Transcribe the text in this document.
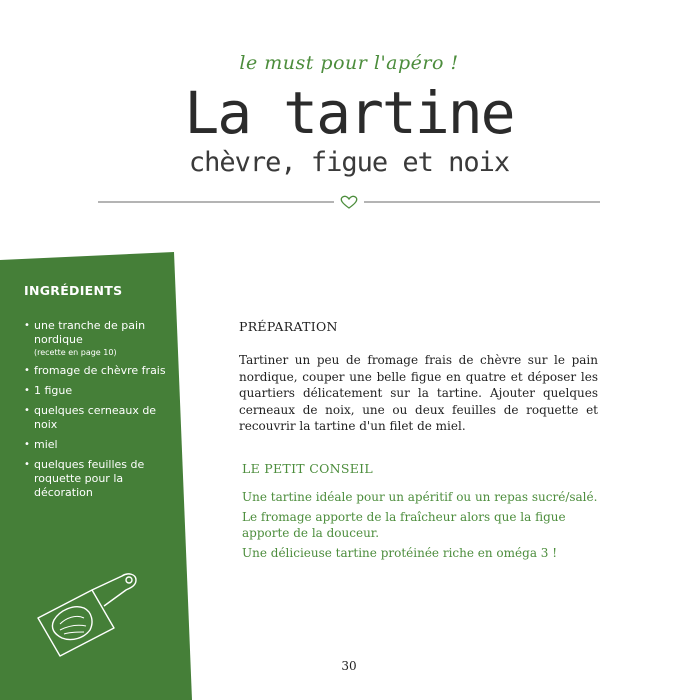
le must pour l'apéro !
La tartine
chèvre, figue et noix
INGRÉDIENTS
• une tranche de pain nordique
(recette en page 10)
• fromage de chèvre frais
• 1 figue
• quelques cerneaux de noix
• miel
• quelques feuilles de roquette pour la décoration
PRÉPARATION

Tartiner un peu de fromage frais de chèvre sur le pain nordique, couper une belle figue en quatre et déposer les quartiers délicatement sur la tartine. Ajouter quelques cerneaux de noix, une ou deux feuilles de roquette et recouvrir la tartine d'un filet de miel.

LE PETIT CONSEIL
Une tartine idéale pour un apéritif ou un repas sucré/salé.
Le fromage apporte de la fraîcheur alors que la figue apporte de la douceur.
Une délicieuse tartine protéinée riche en oméga 3 !
30
